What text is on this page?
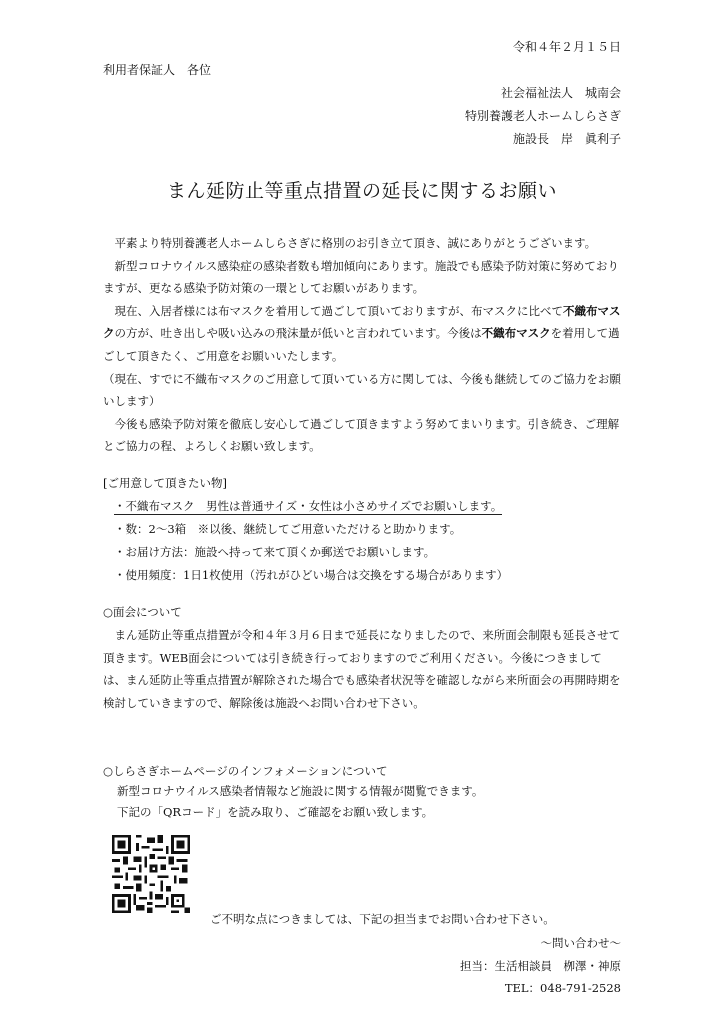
令和４年２月１５日
利用者保証人　各位
社会福祉法人　城南会
特別養護老人ホームしらさぎ
施設長　岸　眞利子
まん延防止等重点措置の延長に関するお願い

平素より特別養護老人ホームしらさぎに格別のお引き立て頂き、誠にありがとうございます。

新型コロナウイルス感染症の感染者数も増加傾向にあります。施設でも感染予防対策に努めておりますが、更なる感染予防対策の一環としてお願いがあります。

現在、入居者様には布マスクを着用して過ごして頂いておりますが、布マスクに比べて不織布マスクの方が、吐き出しや吸い込みの飛沫量が低いと言われています。今後は不織布マスクを着用して過ごして頂きたく、ご用意をお願いいたします。

（現在、すでに不織布マスクのご用意して頂いている方に関しては、今後も継続してのご協力をお願いします）

今後も感染予防対策を徹底し安心して過ごして頂きますよう努めてまいります。引き続き、ご理解とご協力の程、よろしくお願い致します。

[ご用意して頂きたい物]
・不織布マスク　男性は普通サイズ・女性は小さめサイズでお願いします。
・数：2～3箱　※以後、継続してご用意いただけると助かります。
・お届け方法：施設へ持って来て頂くか郵送でお願いします。
・使用頻度：1日1枚使用（汚れがひどい場合は交換をする場合があります）
○面会について

まん延防止等重点措置が令和４年３月６日まで延長になりましたので、来所面会制限も延長させて頂きます。WEB面会については引き続き行っておりますのでご利用ください。今後につきましては、まん延防止等重点措置が解除された場合でも感染者状況等を確認しながら来所面会の再開時期を検討していきますので、解除後は施設へお問い合わせ下さい。

○しらさぎホームページのインフォメーションについて
新型コロナウイルス感染者情報など施設に関する情報が閲覧できます。
下記の「QRコード」を読み取り、ご確認をお願い致します。
ご不明な点につきましては、下記の担当までお問い合わせ下さい。
～問い合わせ～
担当：生活相談員　栁澤・神原
TEL：048-791-2528
